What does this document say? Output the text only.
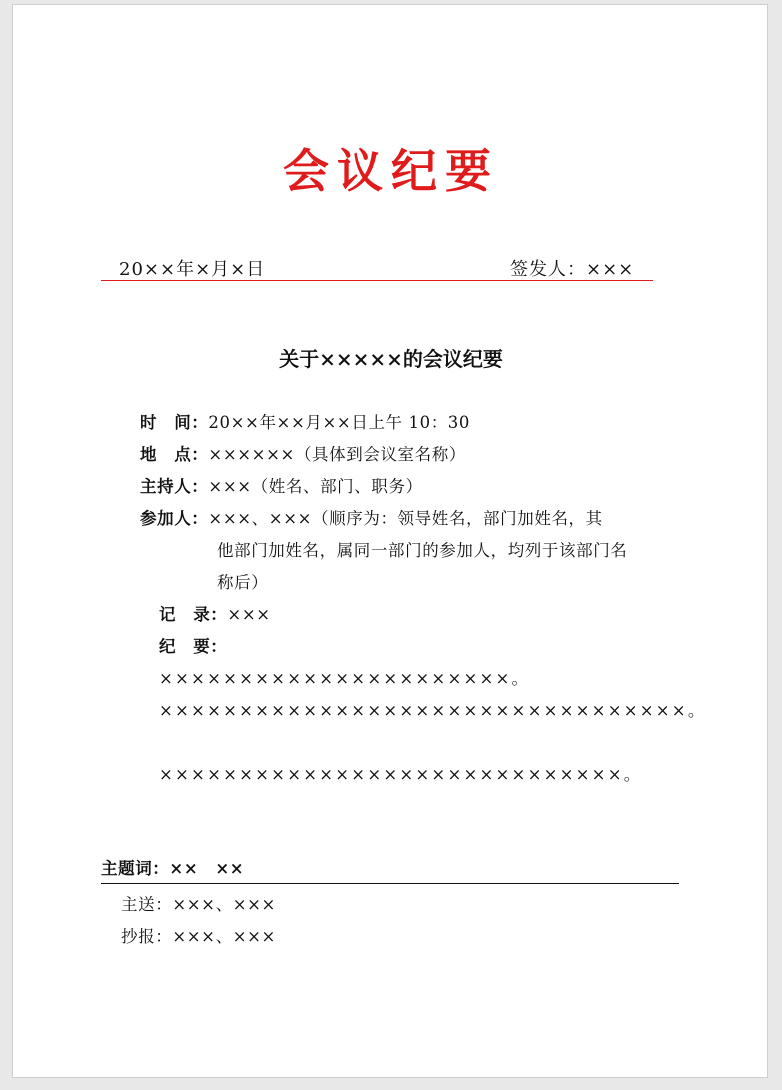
会议纪要
20××年×月×日	签发人：×××
关于×××××的会议纪要
时　间：20××年××月××日上午 10：30
地　点：××××××（具体到会议室名称）
主持人：×××（姓名、部门、职务）
参加人：×××、×××（顺序为：领导姓名，部门加姓名，其
他部门加姓名，属同一部门的参加人，均列于该部门名
称后）
记　录：×××
纪　要：
××××××××××××××××××××××。
×××××××××××××××××××××××××××××××××。
×××××××××××××××××××××××××××××。
主题词：××　××
主送：×××、×××
抄报：×××、×××
